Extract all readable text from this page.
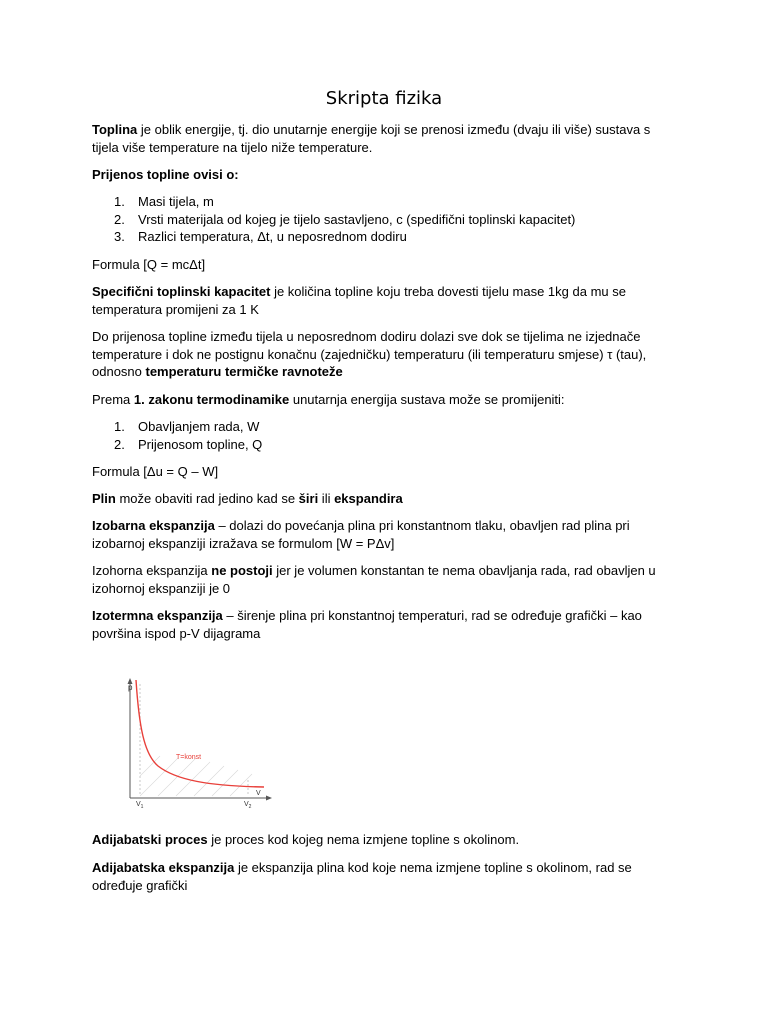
Skripta fizika

Toplina je oblik energije, tj. dio unutarnje energije koji se prenosi između (dvaju ili više) sustava s tijela više temperature na tijelo niže temperature.

Prijenos topline ovisi o:

1. Masi tijela, m
2. Vrsti materijala od kojeg je tijelo sastavljeno, c (spedifični toplinski kapacitet)
3. Razlici temperatura, Δt, u neposrednom dodiru

Formula [Q = mcΔt]

Specifični toplinski kapacitet je količina topline koju treba dovesti tijelu mase 1kg da mu se temperatura promijeni za 1 K

Do prijenosa topline između tijela u neposrednom dodiru dolazi sve dok se tijelima ne izjednače temperature i dok ne postignu konačnu (zajedničku) temperaturu (ili temperaturu smjese) τ (tau), odnosno temperaturu termičke ravnoteže

Prema 1. zakonu termodinamike unutarnja energija sustava može se promijeniti:

1. Obavljanjem rada, W
2. Prijenosom topline, Q

Formula [Δu = Q – W]

Plin može obaviti rad jedino kad se širi ili ekspandira

Izobarna ekspanzija – dolazi do povećanja plina pri konstantnom tlaku, obavljen rad plina pri izobarnoj ekspanziji izražava se formulom [W = PΔv]

Izohorna ekspanzija ne postoji jer je volumen konstantan te nema obavljanja rada, rad obavljen u izohornoj ekspanziji je 0

Izotermna ekspanzija – širenje plina pri konstantnoj temperaturi, rad se određuje grafički – kao površina ispod p-V dijagrama

p
T=konst
V
$V_1$	$V_2$

Adijabatski proces je proces kod kojeg nema izmjene topline s okolinom.

Adijabatska ekspanzija je ekspanzija plina kod koje nema izmjene topline s okolinom, rad se određuje grafički
